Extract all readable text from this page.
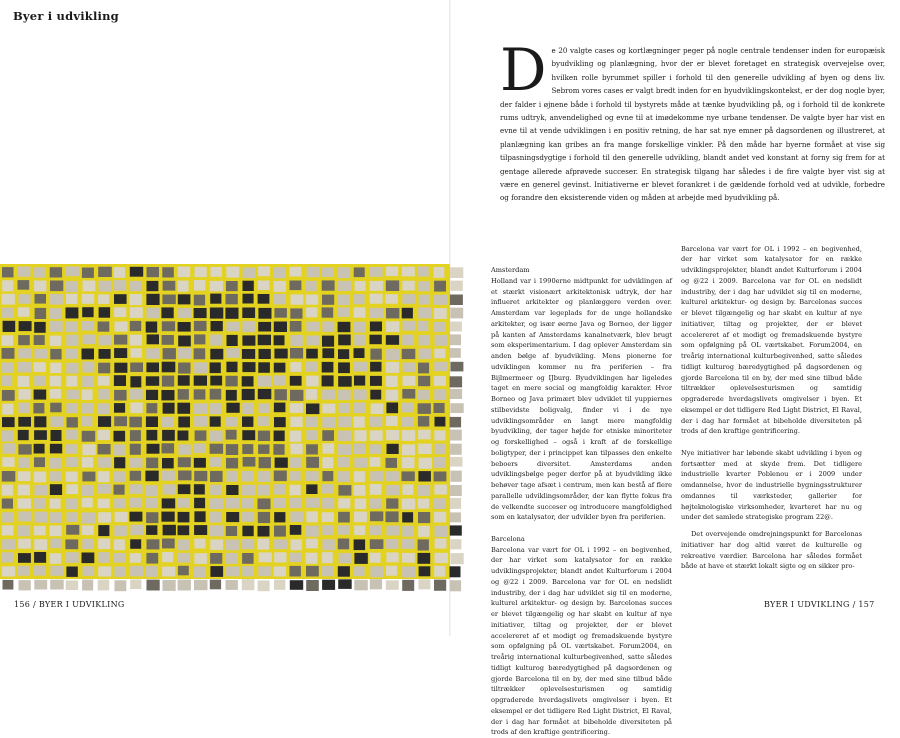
Byer i udvikling
De 20 valgte cases og kortlægninger peger på nogle centrale tendenser inden for europæisk byudvikling og planlægning, hvor der er blevet foretaget en strategisk overvejelse over, hvilken rolle byrummet spiller i forhold til den generelle udvikling af byen og dens liv. Sebrom vores cases er valgt bredt inden for en byudviklingskontekst, er der dog nogle byer, der falder i øjnene både i forhold til bystyrets måde at tænke byudvikling på, og i forhold til de konkrete rums udtryk, anvendelighed og evne til at imødekomme nye urbane tendenser. De valgte byer har vist en evne til at vende udviklingen i en positiv retning, de har sat nye emner på dagsordenen og illustreret, at planlægning kan gribes an fra mange forskellige vinkler. På den måde har byerne formået at vise sig tilpasningsdygtige i forhold til den generelle udvikling, blandt andet ved konstant at forny sig frem for at gentage allerede afprøvede succeser. En strategisk tilgang har således i de fire valgte byer vist sig at være en generel gevinst. Initiativerne er blevet forankret i de gældende forhold ved at udvikle, forbedre og forandre den eksisterende viden og måden at arbejde med byudvikling på.
Amsterdam

Holland var i 1990erne midtpunkt for udviklingen af et stærkt visionært arkitektonisk udtryk, der har influeret arkitekter og planlæggere verden over. Amsterdam var legeplads for de unge hollandske arkitekter, og især øerne Java og Borneo, der ligger på kanten af Amsterdams kanalnetværk, blev brugt som eksperimentarium. I dag oplever Amsterdam sin anden bølge af byudvikling. Mens pionerne for udviklingen kommer nu fra periferien – fra Bijlmermeer og IJburg. Byudviklingen har ligeledes taget en mere social og mangfoldig karakter. Hvor Borneo og Java primært blev udviklet til yuppiernes stilbevidste boligvalg, finder vi i de nye udviklingsområder en langt mere mangfoldig byudvikling, der tager højde for etniske minoriteter og forskellighed – også i kraft af de forskellige boligtyper, der i princippet kan tilpasses den enkelte beboers diversitet. Amsterdams anden udviklingsbølge peger derfor på at byudvikling ikke behøver tage afsæt i centrum, men kan bestå af flere parallelle udviklingsområder, der kan flytte fokus fra de velkendte succeser og introducere mangfoldighed som en katalysator, der udvikler byen fra periferien.

Barcelona

Barcelona var vært for OL i 1992 – en begivenhed, der har virket som katalysator for en række udviklingsprojekter, blandt andet Kulturforum i 2004 og @22 i 2009. Barcelona var for OL en nedslidt industriby, der i dag har udviklet sig til en moderne, kulturel arkitektur- og design by. Barcelonas succes er blevet tilgængelig og har skabt en kultur af nye initiativer, tiltag og projekter, der er blevet accelereret af et modigt og fremadskuende bystyre som opfølgning på OL værtskabet. Forum2004, en treårig international kulturbegivenhed, satte således tidligt kulturog bæredygtighed på dagsordenen og gjorde Barcelona til en by, der med sine tilbud både tiltrækker oplevelsesturismen og samtidig opgraderede hverdagslivets omgivelser i byen. Et eksempel er det tidligere Red Light District, El Raval, der i dag har formået at bibeholde diversiteten på trods af den kraftige gentrificering.

Barcelona var vært for OL i 1992 – en begivenhed, der har virket som katalysator for en række udviklingsprojekter, blandt andet Kulturforum i 2004 og @22 i 2009. Barcelona var for OL en nedslidt industriby, der i dag har udviklet sig til en moderne, kulturel arkitektur- og design by. Barcelonas succes er blevet tilgængelig og har skabt en kultur af nye initiativer, tiltag og projekter, der er blevet accelereret af et modigt og fremadskuende bystyre som opfølgning på OL værtskabet. Forum2004, en treårig international kulturbegivenhed, satte således tidligt kulturog bæredygtighed på dagsordenen og gjorde Barcelona til en by, der med sine tilbud både tiltrækker oplevelsesturismen og samtidig opgraderede hverdagslivets omgivelser i byen. Et eksempel er det tidligere Red Light District, El Raval, der i dag har formået at bibeholde diversiteten på trods af den kraftige gentrificering.

Nye initiativer har løbende skabt udvikling i byen og fortsætter med at skyde frem. Det tidligere industrielle kvarter Poblenou er i 2009 under omdannelse, hvor de industrielle bygningsstrukturer omdannes til værksteder, gallerier for højteknologiske virksomheder, kvarteret har nu og under det samlede strategiske program 22@.

Det overvejende omdrejningspunkt for Barcelonas initiativer har dog altid været de kulturelle og rekreative værdier. Barcelona har således formået både at have et stærkt lokalt sigte og en sikker pro-

156 / BYER I UDVIKLING	BYER I UDVIKLING / 157
